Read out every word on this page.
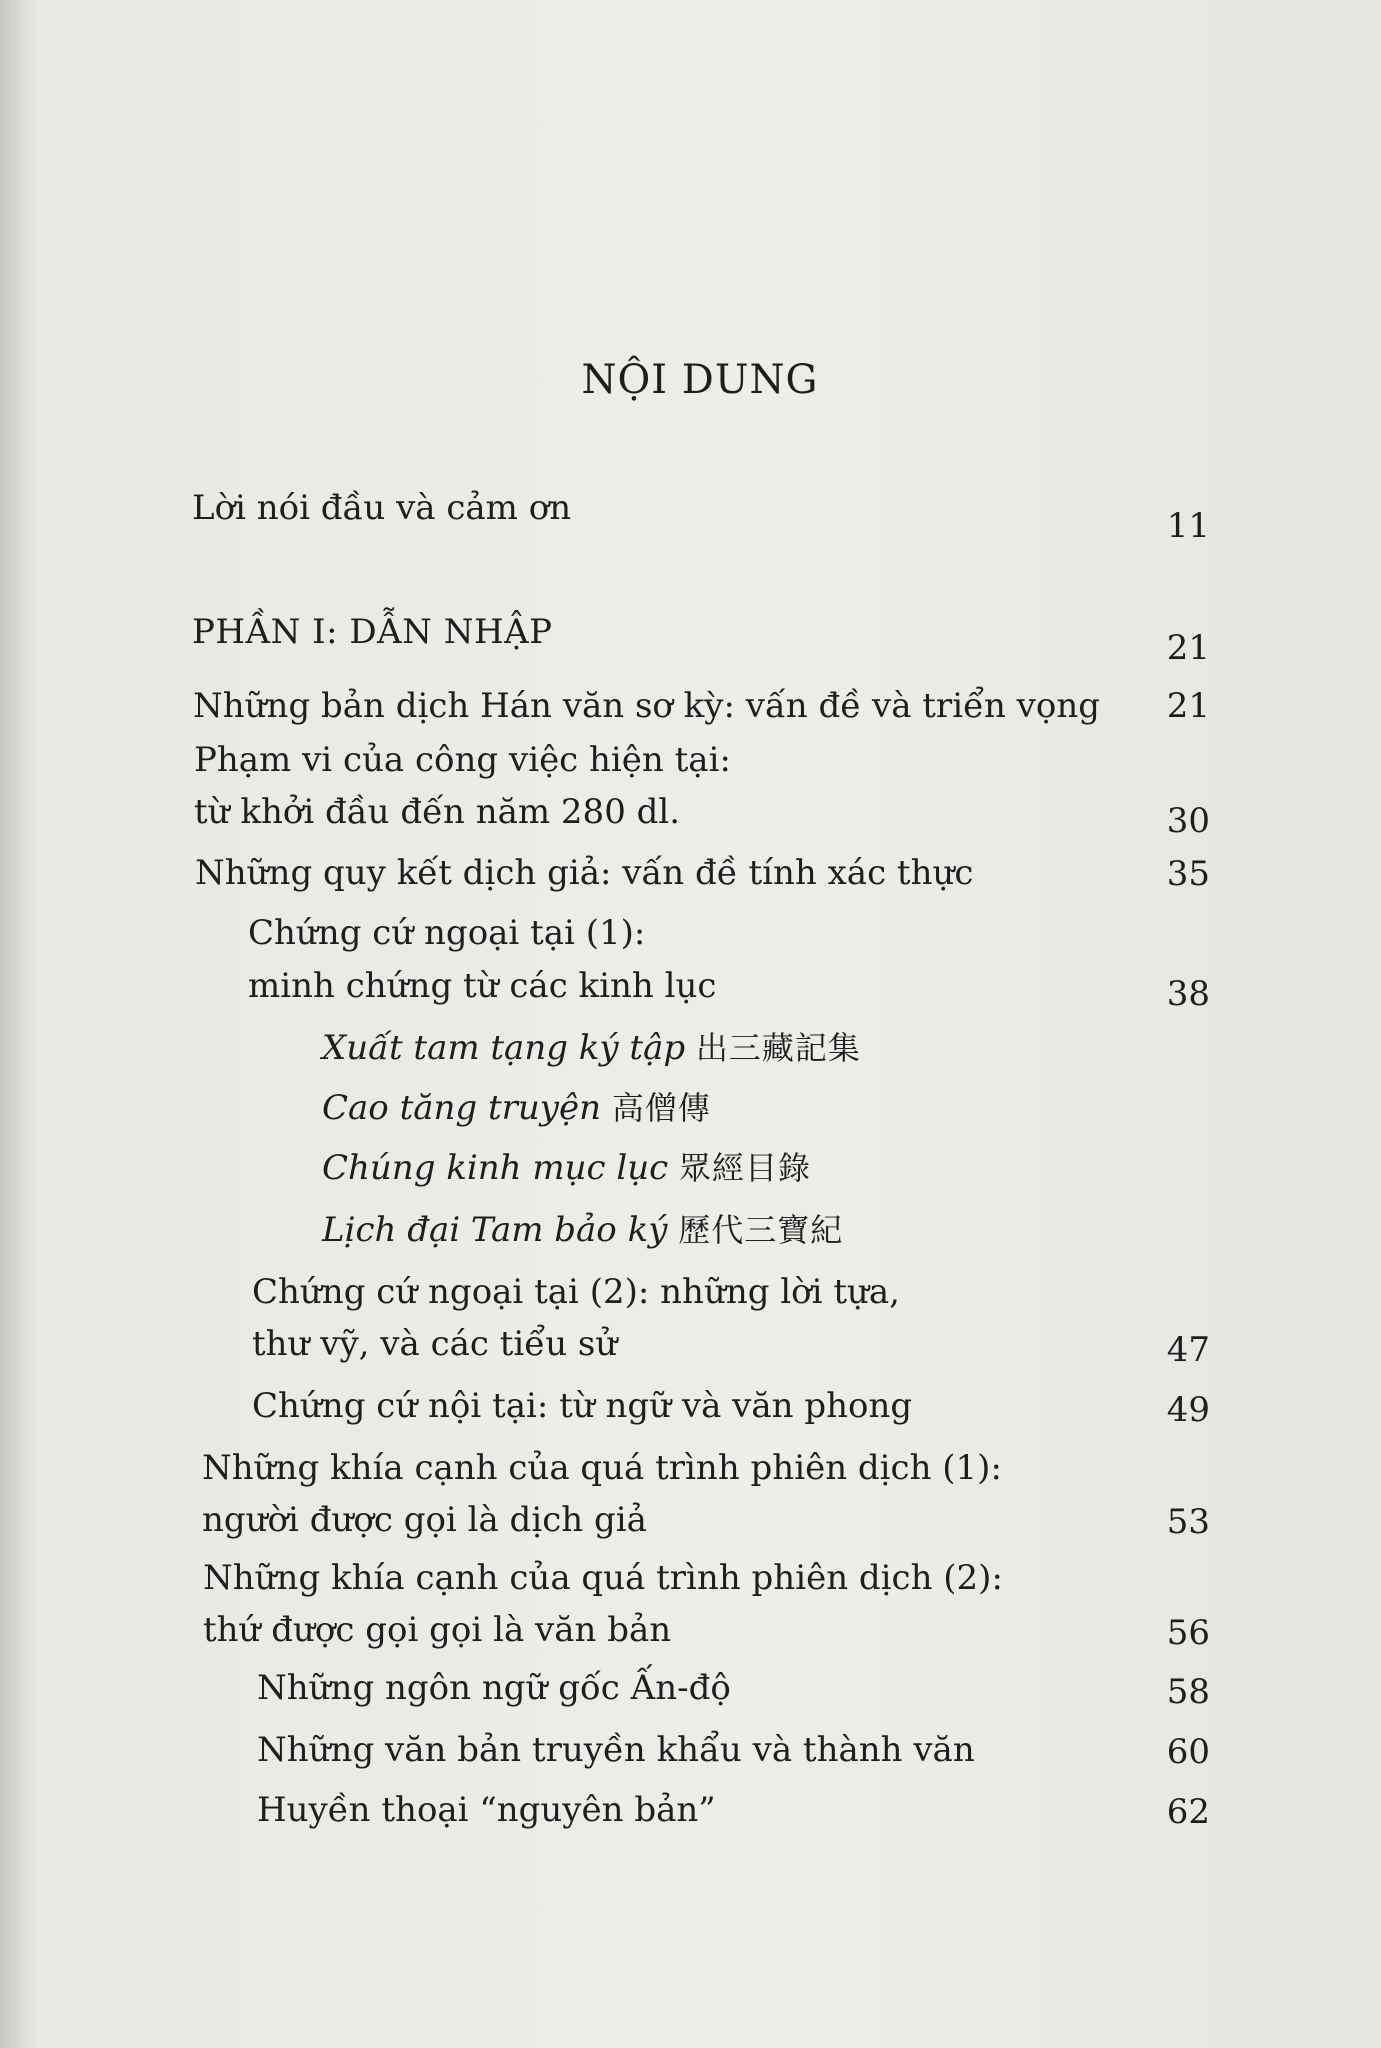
NỘI DUNG
Lời nói đầu và cảm ơn	11
PHẦN I: DẪN NHẬP	21
Những bản dịch Hán văn sơ kỳ: vấn đề và triển vọng 21
Phạm vi của công việc hiện tại:
từ khởi đầu đến năm 280 dl.	30
Những quy kết dịch giả: vấn đề tính xác thực	35
Chứng cứ ngoại tại (1):
minh chứng từ các kinh lục	38
Xuất tam tạng ký tập 出三藏記集
Cao tăng truyện 高僧傳
Chúng kinh mục lục 眾經目錄
Lịch đại Tam bảo ký 歷代三寶紀
Chứng cứ ngoại tại (2): những lời tựa,
thư vỹ, và các tiểu sử	47
Chứng cứ nội tại: từ ngữ và văn phong	49
Những khía cạnh của quá trình phiên dịch (1):
người được gọi là dịch giả	53
Những khía cạnh của quá trình phiên dịch (2):
thứ được gọi gọi là văn bản	56
Những ngôn ngữ gốc Ấn-độ	58
Những văn bản truyền khẩu và thành văn	60
Huyền thoại “nguyên bản”	62
